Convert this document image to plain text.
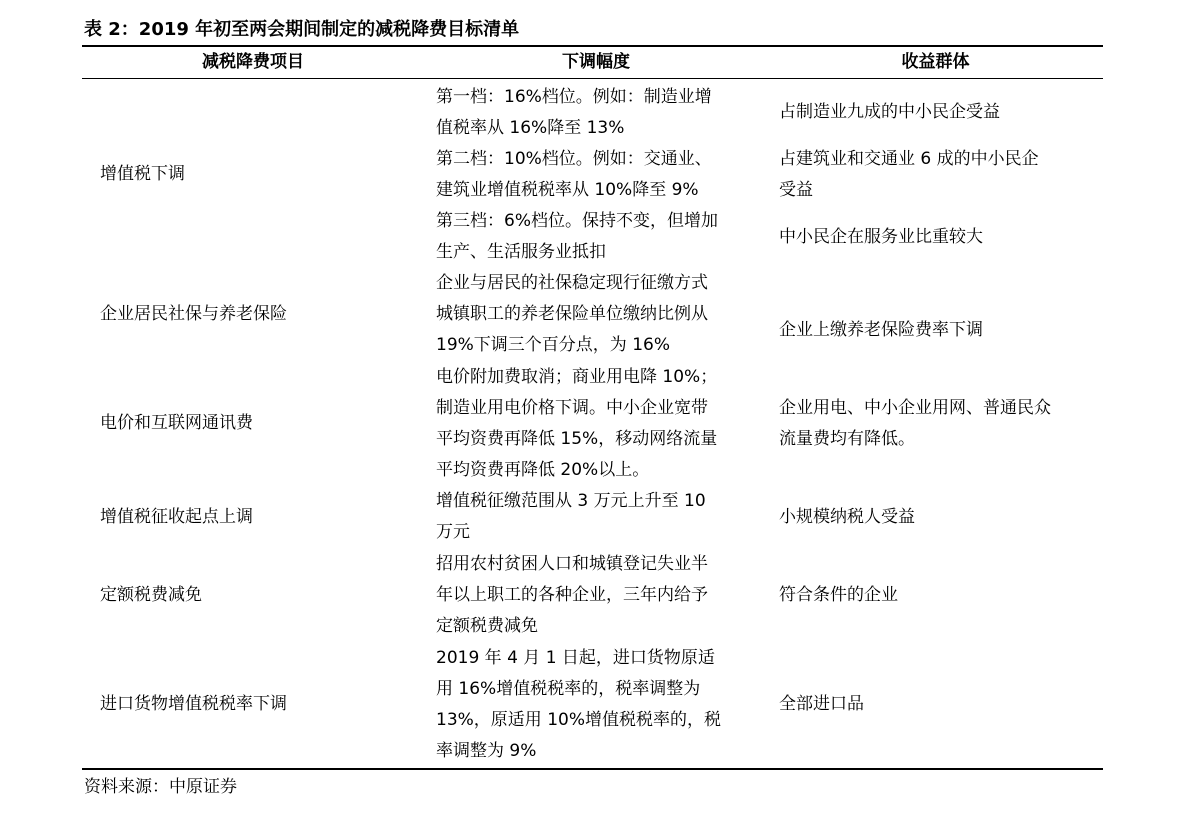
表 2：2019 年初至两会期间制定的减税降费目标清单
减税降费项目	下调幅度	收益群体
增值税下调
第一档：16%档位。例如：制造业增
值税率从 16%降至 13%
第二档：10%档位。例如：交通业、
建筑业增值税税率从 10%降至 9%
第三档：6%档位。保持不变，但增加
生产、生活服务业抵扣
占制造业九成的中小民企受益
占建筑业和交通业 6 成的中小民企
受益
中小民企在服务业比重较大
企业居民社保与养老保险
企业与居民的社保稳定现行征缴方式
城镇职工的养老保险单位缴纳比例从
19%下调三个百分点，为 16%
企业上缴养老保险费率下调
电价和互联网通讯费
电价附加费取消；商业用电降 10%；
制造业用电价格下调。中小企业宽带
平均资费再降低 15%，移动网络流量
平均资费再降低 20%以上。
企业用电、中小企业用网、普通民众
流量费均有降低。
增值税征收起点上调
增值税征缴范围从 3 万元上升至 10
万元
小规模纳税人受益
定额税费减免
招用农村贫困人口和城镇登记失业半
年以上职工的各种企业，三年内给予
定额税费减免
符合条件的企业
进口货物增值税税率下调
2019 年 4 月 1 日起，进口货物原适
用 16%增值税税率的，税率调整为
13%，原适用 10%增值税税率的，税
率调整为 9%
全部进口品
资料来源：中原证券
